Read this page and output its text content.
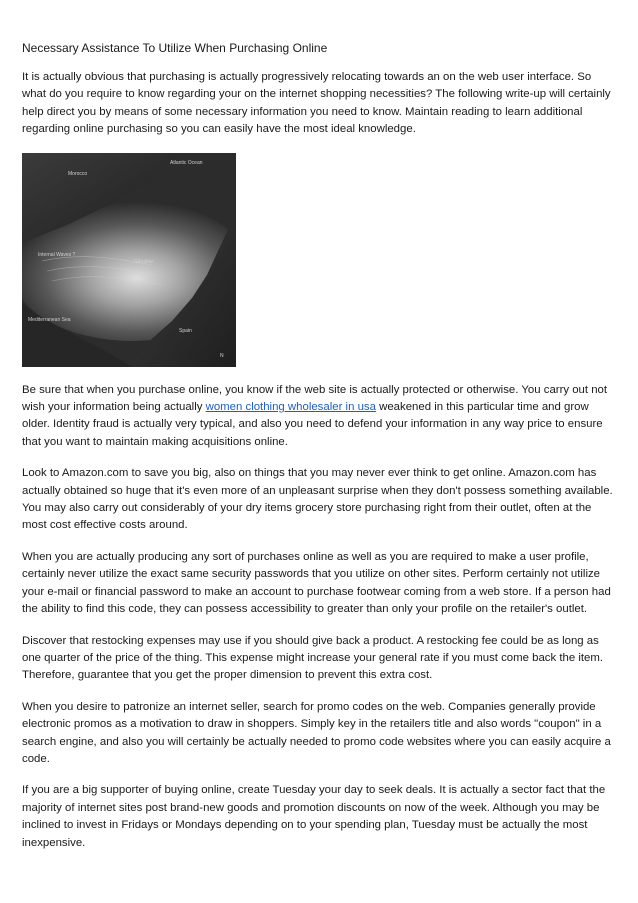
Necessary Assistance To Utilize When Purchasing Online

It is actually obvious that purchasing is actually progressively relocating towards an on the web user interface. So what do you require to know regarding your on the internet shopping necessities? The following write-up will certainly help direct you by means of some necessary information you need to know. Maintain reading to learn additional regarding online purchasing so you can easily have the most ideal knowledge.

Atlantic Ocean
Morocco
Internal Waves ?
Gibraltar
Mediterranean Sea
Spain
N

Be sure that when you purchase online, you know if the web site is actually protected or otherwise. You carry out not wish your information being actually women clothing wholesaler in usa weakened in this particular time and grow older. Identity fraud is actually very typical, and also you need to defend your information in any way price to ensure that you want to maintain making acquisitions online.

Look to Amazon.com to save you big, also on things that you may never ever think to get online. Amazon.com has actually obtained so huge that it's even more of an unpleasant surprise when they don't possess something available. You may also carry out considerably of your dry items grocery store purchasing right from their outlet, often at the most cost effective costs around.

When you are actually producing any sort of purchases online as well as you are required to make a user profile, certainly never utilize the exact same security passwords that you utilize on other sites. Perform certainly not utilize your e-mail or financial password to make an account to purchase footwear coming from a web store. If a person had the ability to find this code, they can possess accessibility to greater than only your profile on the retailer's outlet.

Discover that restocking expenses may use if you should give back a product. A restocking fee could be as long as one quarter of the price of the thing. This expense might increase your general rate if you must come back the item. Therefore, guarantee that you get the proper dimension to prevent this extra cost.

When you desire to patronize an internet seller, search for promo codes on the web. Companies generally provide electronic promos as a motivation to draw in shoppers. Simply key in the retailers title and also words "coupon" in a search engine, and also you will certainly be actually needed to promo code websites where you can easily acquire a code.

If you are a big supporter of buying online, create Tuesday your day to seek deals. It is actually a sector fact that the majority of internet sites post brand-new goods and promotion discounts on now of the week. Although you may be inclined to invest in Fridays or Mondays depending on to your spending plan, Tuesday must be actually the most inexpensive.
